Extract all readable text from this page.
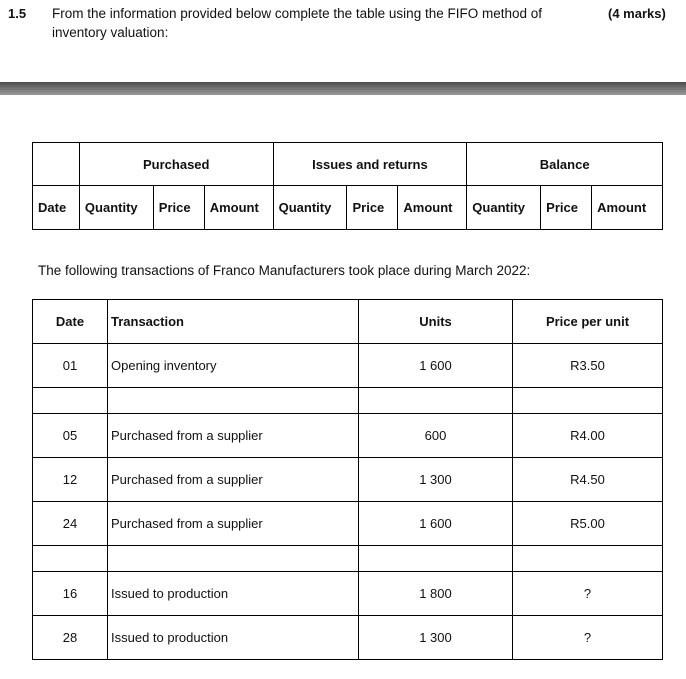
1.5 From the information provided below complete the table using the FIFO method of inventory valuation:
(4 marks)
	Purchased			Issues and returns			Balance		
Date	Quantity	Price	Amount	Quantity	Price	Amount	Quantity	Price	Amount
The following transactions of Franco Manufacturers took place during March 2022:
Date	Transaction	Units	Price per unit
01	Opening inventory	1 600	R3.50

05	Purchased from a supplier	600	R4.00
12	Purchased from a supplier	1 300	R4.50
24	Purchased from a supplier	1 600	R5.00

16	Issued to production	1 800	?
28	Issued to production	1 300	?
